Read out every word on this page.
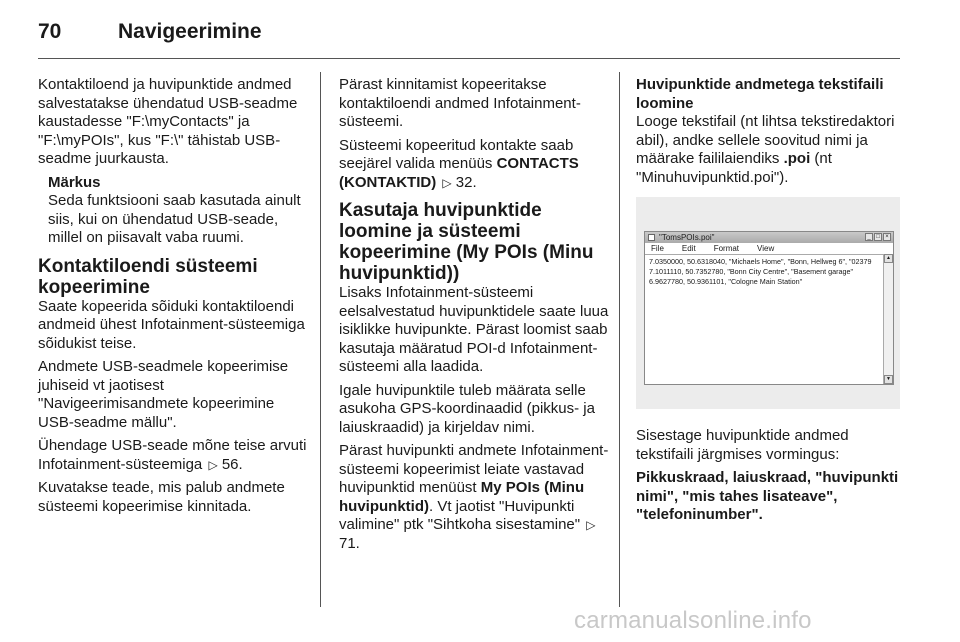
70	Navigeerimine

Kontaktiloend ja huvipunktide andmed salvestatakse ühendatud USB-seadme kaustadesse "F:\myContacts" ja "F:\myPOIs", kus "F:\" tähistab USB-seadme juurkausta.

Märkus
Seda funktsiooni saab kasutada ainult siis, kui on ühendatud USB-seade, millel on piisavalt vaba ruumi.
Kontaktiloendi süsteemi kopeerimine

Saate kopeerida sõiduki kontaktiloendi andmeid ühest Infotainment-süsteemiga sõidukist teise.

Andmete USB-seadmele kopeerimise juhiseid vt jaotisest "Navigeerimisandmete kopeerimine USB-seadme mällu".

Ühendage USB-seade mõne teise arvuti Infotainment-süsteemiga ▷ 56.

Kuvatakse teade, mis palub andmete süsteemi kopeerimise kinnitada.

Pärast kinnitamist kopeeritakse kontaktiloendi andmed Infotainment-süsteemi.

Süsteemi kopeeritud kontakte saab seejärel valida menüüs CONTACTS (KONTAKTID) ▷ 32.

Kasutaja huvipunktide loomine ja süsteemi kopeerimine (My POIs (Minu huvipunktid))

Lisaks Infotainment-süsteemi eelsalvestatud huvipunktidele saate luua isiklikke huvipunkte. Pärast loomist saab kasutaja määratud POI-d Infotainment-süsteemi alla laadida.

Igale huvipunktile tuleb määrata selle asukoha GPS-koordinaadid (pikkus- ja laiuskraadid) ja kirjeldav nimi.

Pärast huvipunkti andmete Infotainment-süsteemi kopeerimist leiate vastavad huvipunktid menüüst My POIs (Minu huvipunktid). Vt jaotist "Huvipunkti valimine" ptk "Sihtkoha sisestamine" ▷ 71.

Huvipunktide andmetega tekstifaili loomine

Looge tekstifail (nt lihtsa tekstiredaktori abil), andke sellele soovitud nimi ja määrake faililaiendiks .poi (nt "Minuhuvipunktid.poi").

"TomsPOIs.poi"	_ □ ×
File Edit Format View
7.0350000, 50.6318040, "Michaels Home", "Bonn, Hellweg 6", "02379
7.1011110, 50.7352780, "Bonn City Centre", "Basement garage"
6.9627780, 50.9361101, "Cologne Main Station"
▲
▼

Sisestage huvipunktide andmed tekstifaili järgmises vormingus:

Pikkuskraad, laiuskraad, "huvipunkti nimi", "mis tahes lisateave", "telefoninumber".

carmanualsonline.info
